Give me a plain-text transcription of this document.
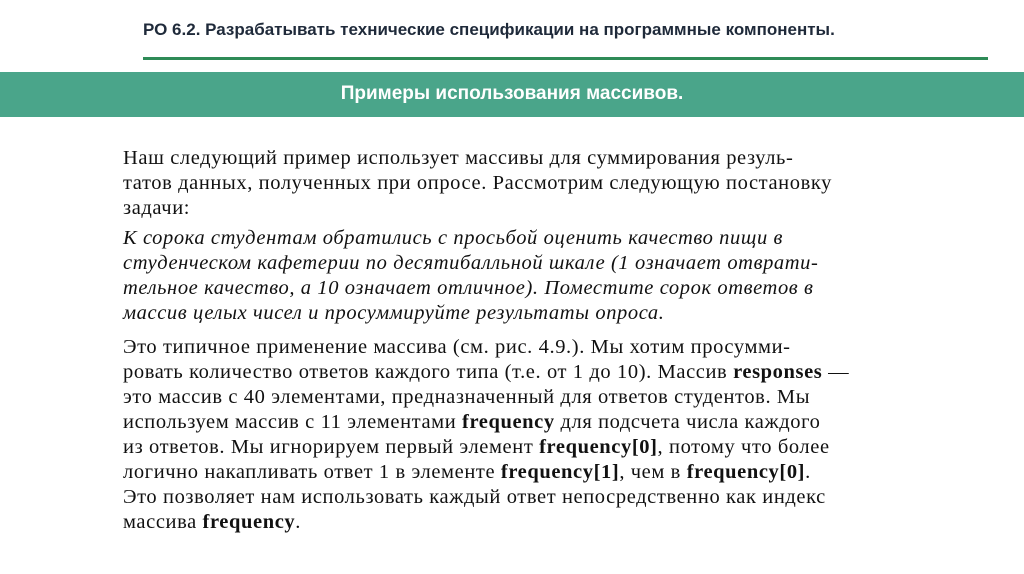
РО 6.2. Разрабатывать технические спецификации на программные компоненты.
Примеры использования массивов.
Наш следующий пример использует массивы для суммирования резуль-
татов данных, полученных при опросе. Рассмотрим следующую постановку
задачи:
К сорока студентам обратились с просьбой оценить качество пищи в
студенческом кафетерии по десятибалльной шкале (1 означает отврати-
тельное качество, а 10 означает отличное). Поместите сорок ответов в
массив целых чисел и просуммируйте результаты опроса.
Это типичное применение массива (см. рис. 4.9.). Мы хотим просумми-
ровать количество ответов каждого типа (т.е. от 1 до 10). Массив responses —
это массив с 40 элементами, предназначенный для ответов студентов. Мы
используем массив с 11 элементами frequency для подсчета числа каждого
из ответов. Мы игнорируем первый элемент frequency[0], потому что более
логично накапливать ответ 1 в элементе frequency[1], чем в frequency[0].
Это позволяет нам использовать каждый ответ непосредственно как индекс
массива frequency.
